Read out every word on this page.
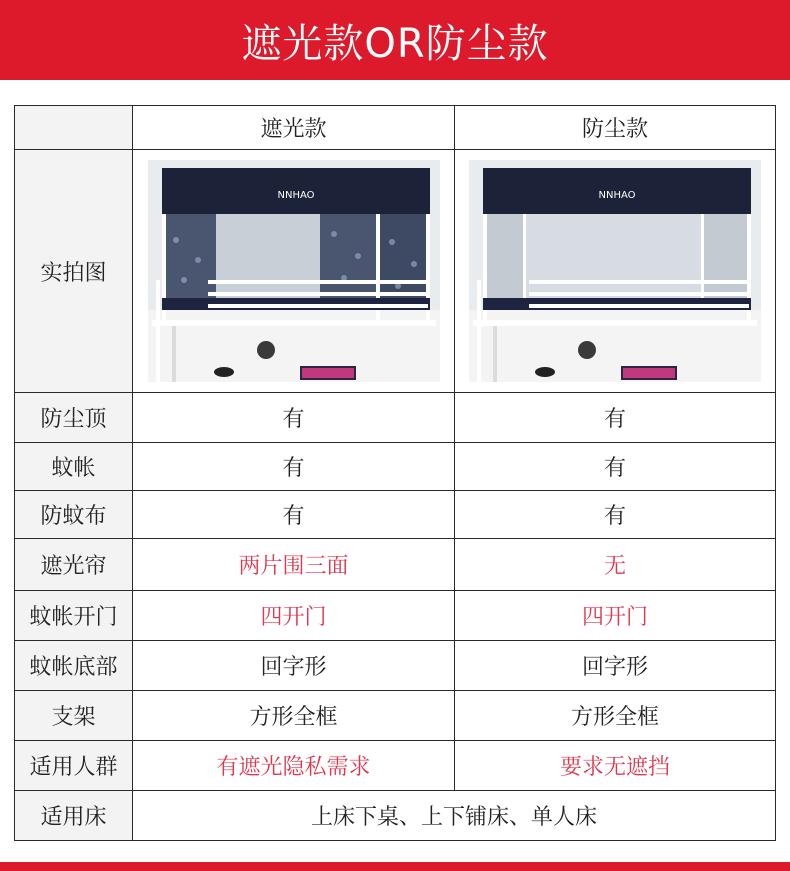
遮光款OR防尘款
	遮光款	防尘款
实拍图	NNHAO	NNHAO

防尘顶	有	有
蚊帐	有	有
防蚊布	有	有
遮光帘	两片围三面	无
蚊帐开门	四开门	四开门
蚊帐底部	回字形	回字形
支架	方形全框	方形全框
适用人群	有遮光隐私需求	要求无遮挡
适用床	上床下桌、上下铺床、单人床	
